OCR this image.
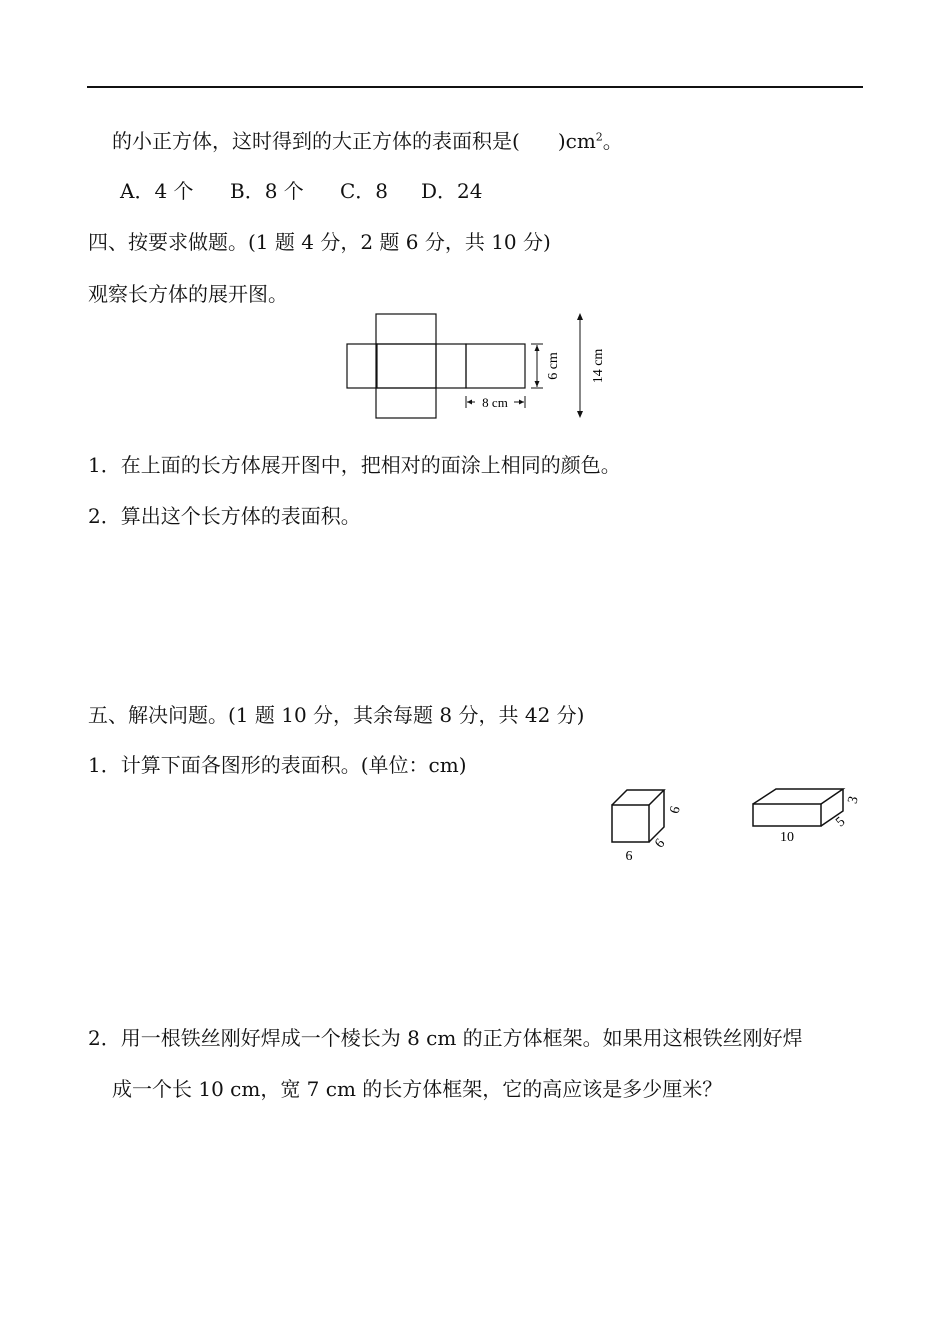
的小正方体，这时得到的大正方体的表面积是( )$cm^2$。
A．4 个 B．8 个 C．8 D．24
四、按要求做题。(1 题 4 分，2 题 6 分，共 10 分)
观察长方体的展开图。
8 cm
6 cm 14 cm
1．在上面的长方体展开图中，把相对的面涂上相同的颜色。
2．算出这个长方体的表面积。
五、解决问题。(1 题 10 分，其余每题 8 分，共 42 分)
1．计算下面各图形的表面积。(单位：cm)
6
6
6	10
5
3
2．用一根铁丝刚好焊成一个棱长为 8 cm 的正方体框架。如果用这根铁丝刚好焊
成一个长 10 cm，宽 7 cm 的长方体框架，它的高应该是多少厘米？
